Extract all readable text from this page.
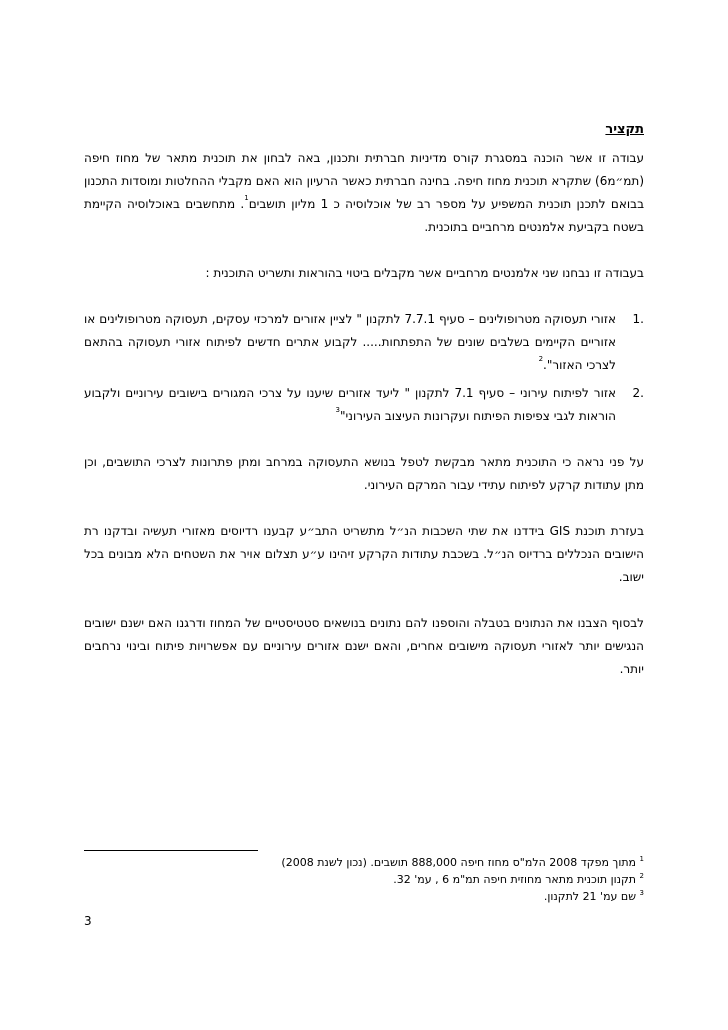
תקציר

עבודה זו אשר הוכנה במסגרת קורס מדיניות חברתית ותכנון, באה לבחון את תוכנית מתאר של מחוז חיפה (תמ״מ6) שתקרא תוכנית מחוז חיפה. בחינה חברתית כאשר הרעיון הוא האם מקבלי ההחלטות ומוסדות התכנון בבואם לתכנן תוכנית המשפיע על מספר רב של אוכלוסיה כ 1 מליון תושבים$^1$. מתחשבים באוכלוסיה הקיימת בשטח בקביעת אלמנטים מרחביים בתוכנית.

בעבודה זו נבחנו שני אלמנטים מרחביים אשר מקבלים ביטוי בהוראות ותשריט התוכנית :

.1
אזורי תעסוקה מטרופולינים – סעיף 7.7.1 לתקנון " לציין אזורים למרכזי עסקים, תעסוקה מטרופולינים או אזוריים הקיימים בשלבים שונים של התפתחות..... לקבוע אתרים חדשים לפיתוח אזורי תעסוקה בהתאם לצרכי האזור".$^2$
.2
אזור לפיתוח עירוני – סעיף 7.1 לתקנון " ליעד אזורים שיענו על צרכי המגורים בישובים עירוניים ולקבוע הוראות לגבי צפיפות הפיתוח ועקרונות העיצוב העירוני"$^3$

על פני נראה כי התוכנית מתאר מבקשת לטפל בנושא התעסוקה במרחב ומתן פתרונות לצרכי התושבים, וכן מתן עתודות קרקע לפיתוח עתידי עבור המרקם העירוני.

בעזרת תוכנת GIS בידדנו את שתי השכבות הנ״ל מתשריט התב״ע קבענו רדיוסים מאזורי תעשיה ובדקנו רת הישובים הנכללים ברדיוס הנ״ל. בשכבת עתודות הקרקע זיהינו ע״ע תצלום אויר את השטחים הלא מבונים בכל ישוב.

לבסוף הצבנו את הנתונים בטבלה והוספנו להם נתונים בנושאים סטטיסטיים של המחוז ודרגנו האם ישנם ישובים הנגישים יותר לאזורי תעסוקה מישובים אחרים, והאם ישנם אזורים עירוניים עם אפשרויות פיתוח ובינוי נרחבים יותר.

$^1$ מתוך מפקד 2008 הלמ"ס מחוז חיפה 888,000 תושבים. (נכון לשנת 2008)
$^2$ תקנון תוכנית מתאר מחוזית חיפה תמ"מ 6 , עמ' 32.
$^3$ שם עמ' 21 לתקנון.
3
